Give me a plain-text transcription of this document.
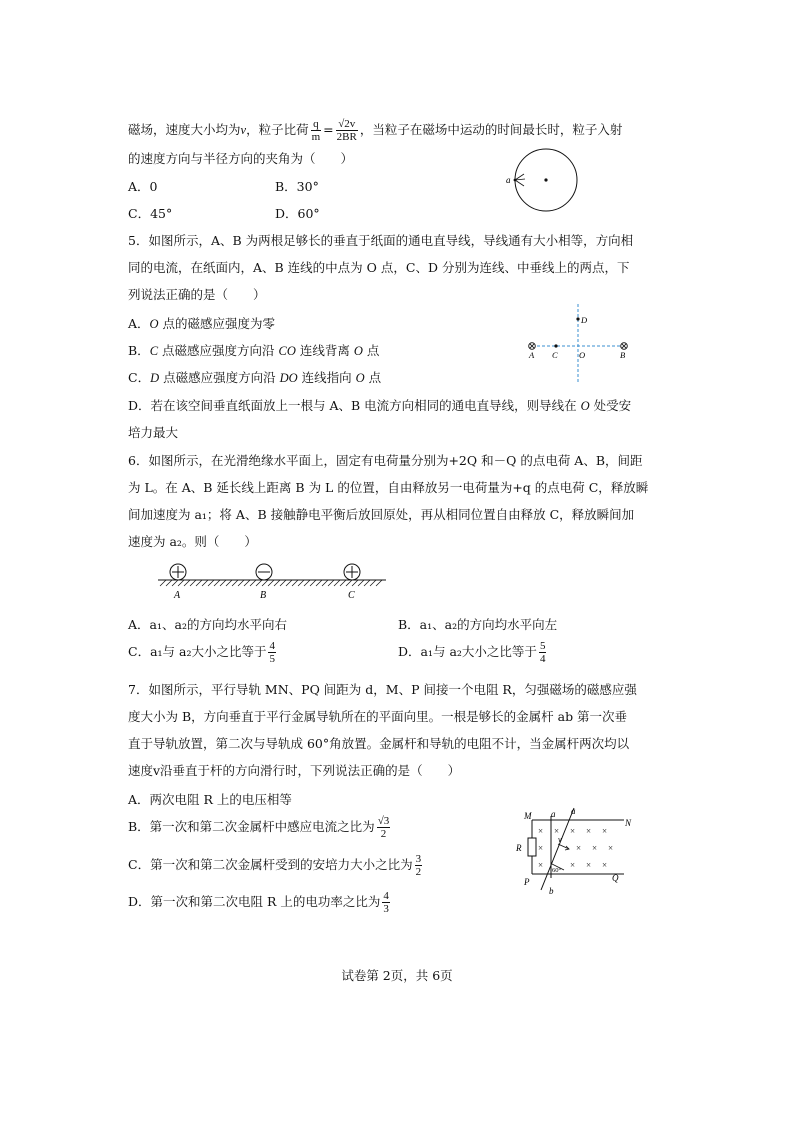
磁场，速度大小均为v，粒子比荷 $\frac{q}{m} = \frac{√2v}{2BR}$ ，当粒子在磁场中运动的时间最长时，粒子入射
的速度方向与半径方向的夹角为（　　）
A．0	B．30°
C．45°	D．60°
a
5．如图所示，A、B 为两根足够长的垂直于纸面的通电直导线，导线通有大小相等，方向相
同的电流，在纸面内，A、B 连线的中点为 O 点，C、D 分别为连线、中垂线上的两点，下
列说法正确的是（　　）
A．O 点的磁感应强度为零
B．C 点磁感应强度方向沿 CO 连线背离 O 点
C．D 点磁感应强度方向沿 DO 连线指向 O 点
D．若在该空间垂直纸面放上一根与 A、B 电流方向相同的通电直导线，则导线在 O 处受安
培力最大
A C	O	B
D
6．如图所示，在光滑绝缘水平面上，固定有电荷量分别为+2Q 和－Q 的点电荷 A、B，间距
为 L。在 A、B 延长线上距离 B 为 L 的位置，自由释放另一电荷量为+q 的点电荷 C，释放瞬
间加速度为 a₁；将 A、B 接触静电平衡后放回原处，再从相同位置自由释放 C，释放瞬间加
速度为 a₂。则（　　）
A	B	C
A．a₁、a₂的方向均水平向右	B．a₁、a₂的方向均水平向左
C．a₁与 a₂大小之比等于 $\frac{4}{5}$	D．a₁与 a₂大小之比等于 $\frac{5}{4}$
7．如图所示，平行导轨 MN、PQ 间距为 d，M、P 间接一个电阻 R，匀强磁场的磁感应强
度大小为 B，方向垂直于平行金属导轨所在的平面向里。一根是够长的金属杆 ab 第一次垂
直于导轨放置，第二次与导轨成 60°角放置。金属杆和导轨的电阻不计，当金属杆两次均以
速度v沿垂直于杆的方向滑行时，下列说法正确的是（　　）
A．两次电阻 R 上的电压相等
B．第一次和第二次金属杆中感应电流之比为 $\frac{√3}{2}$
C．第一次和第二次金属杆受到的安培力大小之比为 $\frac{3}{2}$
D．第一次和第二次电阻 R 上的电功率之比为 $\frac{4}{3}$
× × × × ×
×	× × ×
×	× × ×
M
N
P	Q
R
a a
b
v
60°
试卷第 2页，共 6页
